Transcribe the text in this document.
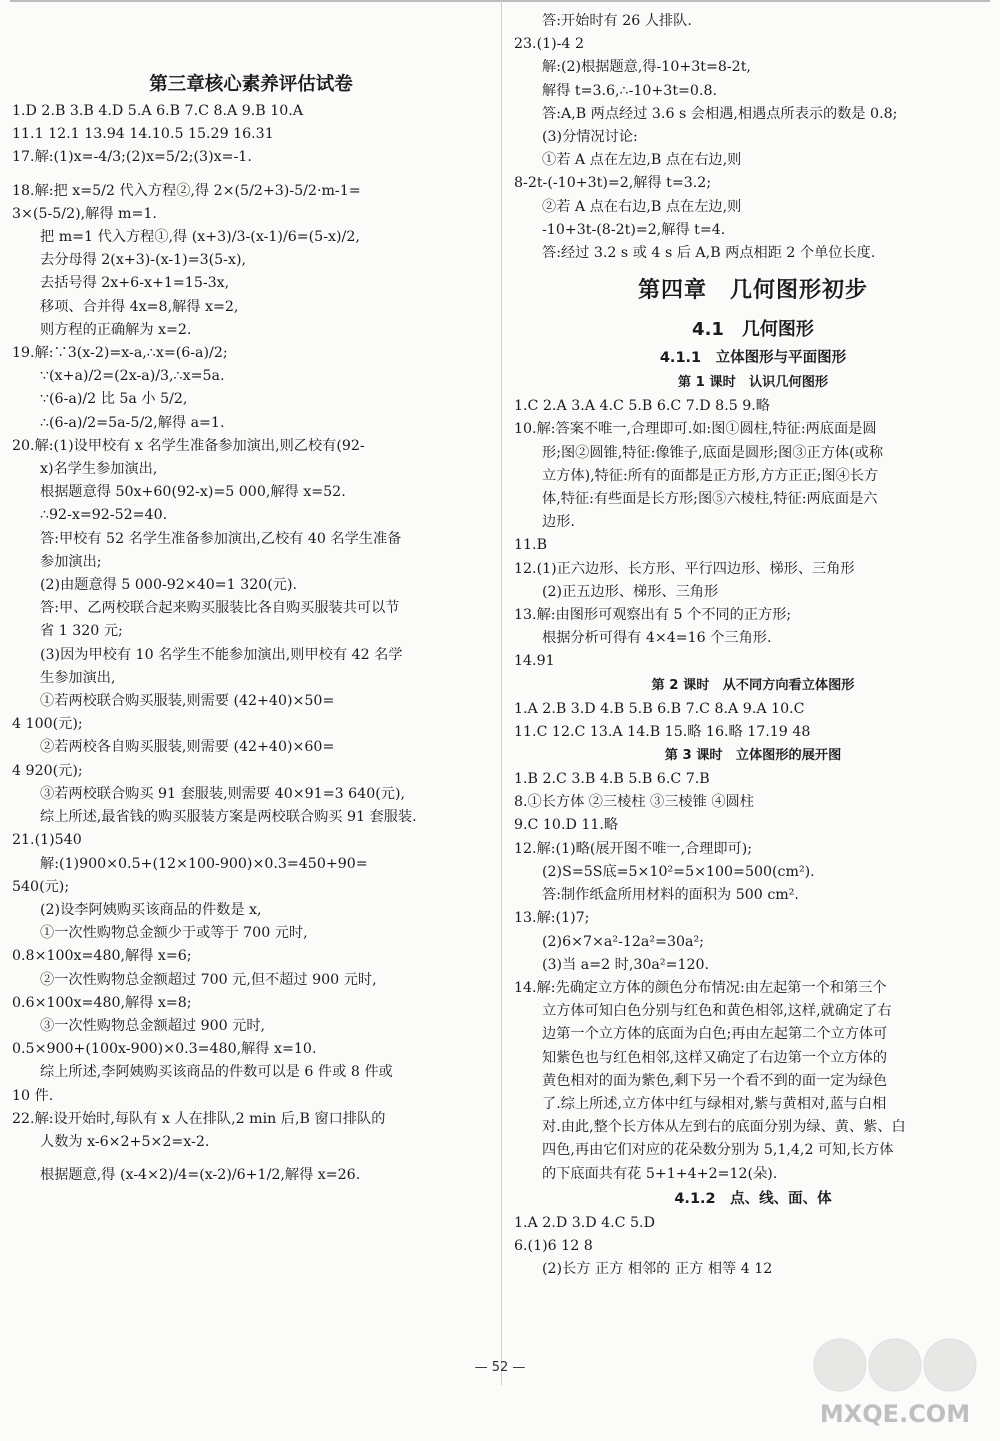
第三章核心素养评估试卷
1.D 2.B 3.B 4.D 5.A 6.B 7.C 8.A 9.B 10.A
11.1 12.1 13.94 14.10.5 15.29 16.31
17.解:(1)x=-4/3;(2)x=5/2;(3)x=-1.
18.解:把 x=5/2 代入方程②,得 2×(5/2+3)-5/2·m-1=
3×(5-5/2),解得 m=1.
把 m=1 代入方程①,得 (x+3)/3-(x-1)/6=(5-x)/2,
去分母得 2(x+3)-(x-1)=3(5-x),
去括号得 2x+6-x+1=15-3x,
移项、合并得 4x=8,解得 x=2,
则方程的正确解为 x=2.
19.解:∵3(x-2)=x-a,∴x=(6-a)/2;
∵(x+a)/2=(2x-a)/3,∴x=5a.
∵(6-a)/2 比 5a 小 5/2,
∴(6-a)/2=5a-5/2,解得 a=1.
20.解:(1)设甲校有 x 名学生准备参加演出,则乙校有(92-
x)名学生参加演出,
根据题意得 50x+60(92-x)=5 000,解得 x=52.
∴92-x=92-52=40.
答:甲校有 52 名学生准备参加演出,乙校有 40 名学生准备
参加演出;
(2)由题意得 5 000-92×40=1 320(元).
答:甲、乙两校联合起来购买服装比各自购买服装共可以节
省 1 320 元;
(3)因为甲校有 10 名学生不能参加演出,则甲校有 42 名学
生参加演出,
①若两校联合购买服装,则需要 (42+40)×50=
4 100(元);
②若两校各自购买服装,则需要 (42+40)×60=
4 920(元);
③若两校联合购买 91 套服装,则需要 40×91=3 640(元),
综上所述,最省钱的购买服装方案是两校联合购买 91 套服装.
21.(1)540
解:(1)900×0.5+(12×100-900)×0.3=450+90=
540(元);
(2)设李阿姨购买该商品的件数是 x,
①一次性购物总金额少于或等于 700 元时,
0.8×100x=480,解得 x=6;
②一次性购物总金额超过 700 元,但不超过 900 元时,
0.6×100x=480,解得 x=8;
③一次性购物总金额超过 900 元时,
0.5×900+(100x-900)×0.3=480,解得 x=10.
综上所述,李阿姨购买该商品的件数可以是 6 件或 8 件或
10 件.
22.解:设开始时,每队有 x 人在排队,2 min 后,B 窗口排队的
人数为 x-6×2+5×2=x-2.
根据题意,得 (x-4×2)/4=(x-2)/6+1/2,解得 x=26.
答:开始时有 26 人排队.
23.(1)-4 2
解:(2)根据题意,得-10+3t=8-2t,
解得 t=3.6,∴-10+3t=0.8.
答:A,B 两点经过 3.6 s 会相遇,相遇点所表示的数是 0.8;
(3)分情况讨论:
①若 A 点在左边,B 点在右边,则
8-2t-(-10+3t)=2,解得 t=3.2;
②若 A 点在右边,B 点在左边,则
-10+3t-(8-2t)=2,解得 t=4.
答:经过 3.2 s 或 4 s 后 A,B 两点相距 2 个单位长度.
第四章　几何图形初步
4.1　几何图形
4.1.1　立体图形与平面图形
第 1 课时　认识几何图形
1.C 2.A 3.A 4.C 5.B 6.C 7.D 8.5 9.略
10.解:答案不唯一,合理即可.如:图①圆柱,特征:两底面是圆
形;图②圆锥,特征:像锥子,底面是圆形;图③正方体(或称
立方体),特征:所有的面都是正方形,方方正正;图④长方
体,特征:有些面是长方形;图⑤六棱柱,特征:两底面是六
边形.
11.B
12.(1)正六边形、长方形、平行四边形、梯形、三角形
(2)正五边形、梯形、三角形
13.解:由图形可观察出有 5 个不同的正方形;
根据分析可得有 4×4=16 个三角形.
14.91
第 2 课时　从不同方向看立体图形
1.A 2.B 3.D 4.B 5.B 6.B 7.C 8.A 9.A 10.C
11.C 12.C 13.A 14.B 15.略 16.略 17.19 48
第 3 课时　立体图形的展开图
1.B 2.C 3.B 4.B 5.B 6.C 7.B
8.①长方体 ②三棱柱 ③三棱锥 ④圆柱
9.C 10.D 11.略
12.解:(1)略(展开图不唯一,合理即可);
(2)S=5S底=5×10²=5×100=500(cm²).
答:制作纸盒所用材料的面积为 500 cm².
13.解:(1)7;
(2)6×7×a²-12a²=30a²;
(3)当 a=2 时,30a²=120.
14.解:先确定立方体的颜色分布情况:由左起第一个和第三个
立方体可知白色分别与红色和黄色相邻,这样,就确定了右
边第一个立方体的底面为白色;再由左起第二个立方体可
知紫色也与红色相邻,这样又确定了右边第一个立方体的
黄色相对的面为紫色,剩下另一个看不到的面一定为绿色
了.综上所述,立方体中红与绿相对,紫与黄相对,蓝与白相
对.由此,整个长方体从左到右的底面分别为绿、黄、紫、白
四色,再由它们对应的花朵数分别为 5,1,4,2 可知,长方体
的下底面共有花 5+1+4+2=12(朵).
4.1.2　点、线、面、体
1.A 2.D 3.D 4.C 5.D
6.(1)6 12 8
(2)长方 正方 相邻的 正方 相等 4 12
— 52 —
MXQE.COM
